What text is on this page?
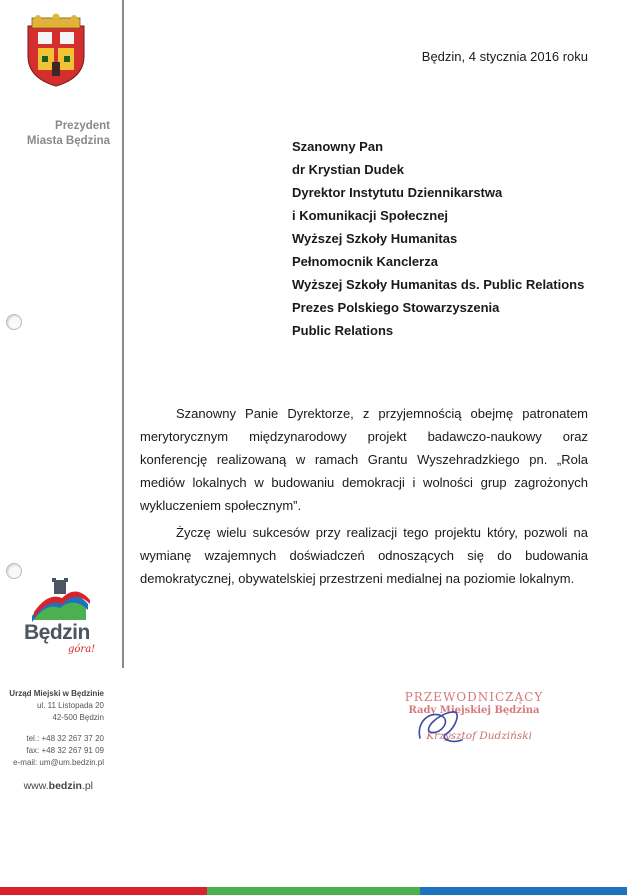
Prezydent
Miasta Będzina
Będzin
góra!
Urząd Miejski w Będzinie
ul. 11 Listopada 20
42-500 Będzin
tel.: +48 32 267 37 20
fax: +48 32 267 91 09
e-mail: um@um.bedzin.pl
www.bedzin.pl
Będzin, 4 stycznia 2016 roku
Szanowny Pan
dr Krystian Dudek
Dyrektor Instytutu Dziennikarstwa
i Komunikacji Społecznej
Wyższej Szkoły Humanitas
Pełnomocnik Kanclerza
Wyższej Szkoły Humanitas ds. Public Relations
Prezes Polskiego Stowarzyszenia
Public Relations

Szanowny Panie Dyrektorze, z przyjemnością obejmę patronatem merytorycznym międzynarodowy projekt badawczo-naukowy oraz konferencję realizowaną w ramach Grantu Wyszehradzkiego pn. „Rola mediów lokalnych w budowaniu demokracji i wolności grup zagrożonych wykluczeniem społecznym”.

Życzę wielu sukcesów przy realizacji tego projektu który, pozwoli na wymianę wzajemnych doświadczeń odnoszących się do budowania demokratycznej, obywatelskiej przestrzeni medialnej na poziomie lokalnym.

PRZEWODNICZĄCY
Rady Miejskiej Będzina
Krzysztof Dudziński
